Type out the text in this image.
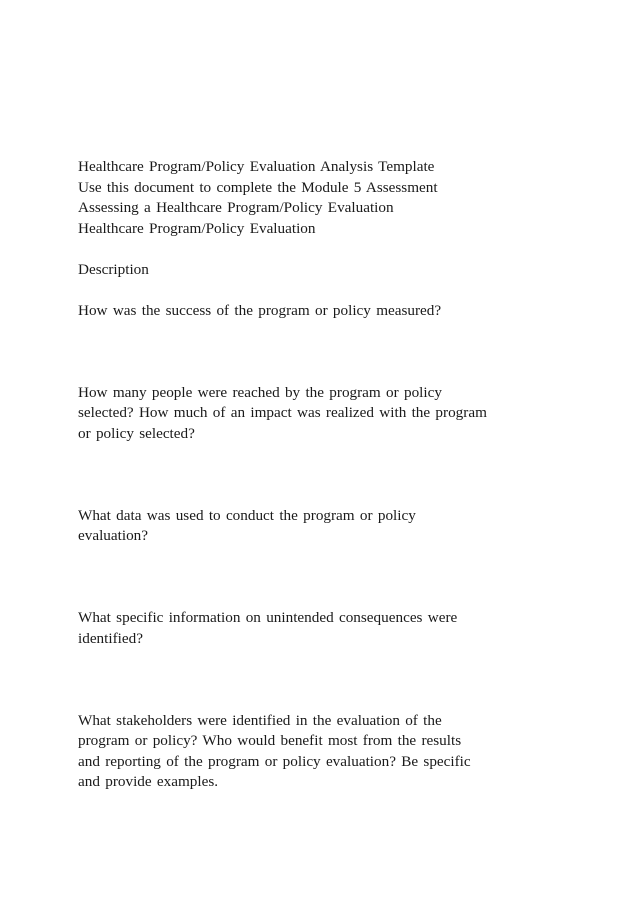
Healthcare Program/Policy Evaluation Analysis Template
Use this document to complete the Module 5 Assessment
Assessing a Healthcare Program/Policy Evaluation
Healthcare Program/Policy Evaluation
Description
How was the success of the program or policy measured?
How many people were reached by the program or policy
selected? How much of an impact was realized with the program
or policy selected?
What data was used to conduct the program or policy
evaluation?
What specific information on unintended consequences were
identified?
What stakeholders were identified in the evaluation of the
program or policy? Who would benefit most from the results
and reporting of the program or policy evaluation? Be specific
and provide examples.
